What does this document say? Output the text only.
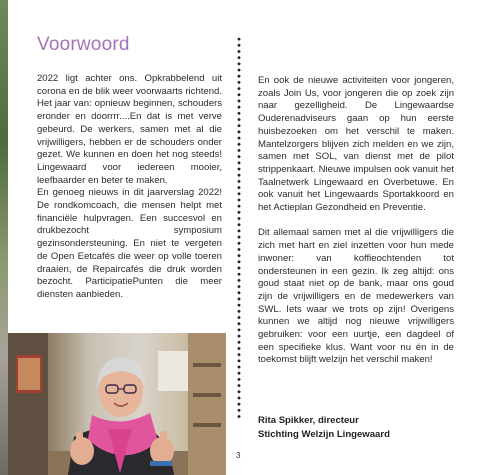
Voorwoord

2022 ligt achter ons. Opkrabbelend uit corona en de blik weer voorwaarts richtend. Het jaar van: opnieuw beginnen, schouders eronder en doorrrr....En dat is met verve gebeurd. De werkers, samen met al die vrijwilligers, hebben er de schouders onder gezet. We kunnen en doen het nog steeds! Lingewaard voor iedereen mooier, leefbaarder en beter te maken.

En genoeg nieuws in dit jaarverslag 2022! De rondkomcoach, die mensen helpt met financiële hulpvragen. Een succesvol en drukbezocht symposium gezinsondersteuning. En niet te vergeten de Open Eetcafés die weer op volle toeren draaien, de Repaircafés die druk worden bezocht. ParticipatiePunten die meer diensten aanbieden.

En ook de nieuwe activiteiten voor jongeren, zoals Join Us, voor jongeren die op zoek zijn naar gezelligheid. De Lingewaardse Ouderenadviseurs gaan op hun eerste huisbezoeken om het verschil te maken. Mantelzorgers blijven zich melden en we zijn, samen met SOL, van dienst met de pilot strippenkaart. Nieuwe impulsen ook vanuit het Taalnetwerk Lingewaard en Overbetuwe. En ook vanuit het Lingewaards Sportakkoord en het Actieplan Gezondheid en Preventie.

Dit allemaal samen met al die vrijwilligers die zich met hart en ziel inzetten voor hun mede inwoner: van koffieochtenden tot ondersteunen in een gezin. Ik zeg altijd: ons goud staat niet op de bank, maar ons goud zijn de vrijwilligers en de medewerkers van SWL. Iets waar we trots op zijn! Overigens kunnen we altijd nog nieuwe vrijwilligers gebruiken: voor een uurtje, een dagdeel of een specifieke klus. Want voor nu én in de toekomst blijft welzijn het verschil maken!

Rita Spikker, directeur
Stichting Welzijn Lingewaard
3
